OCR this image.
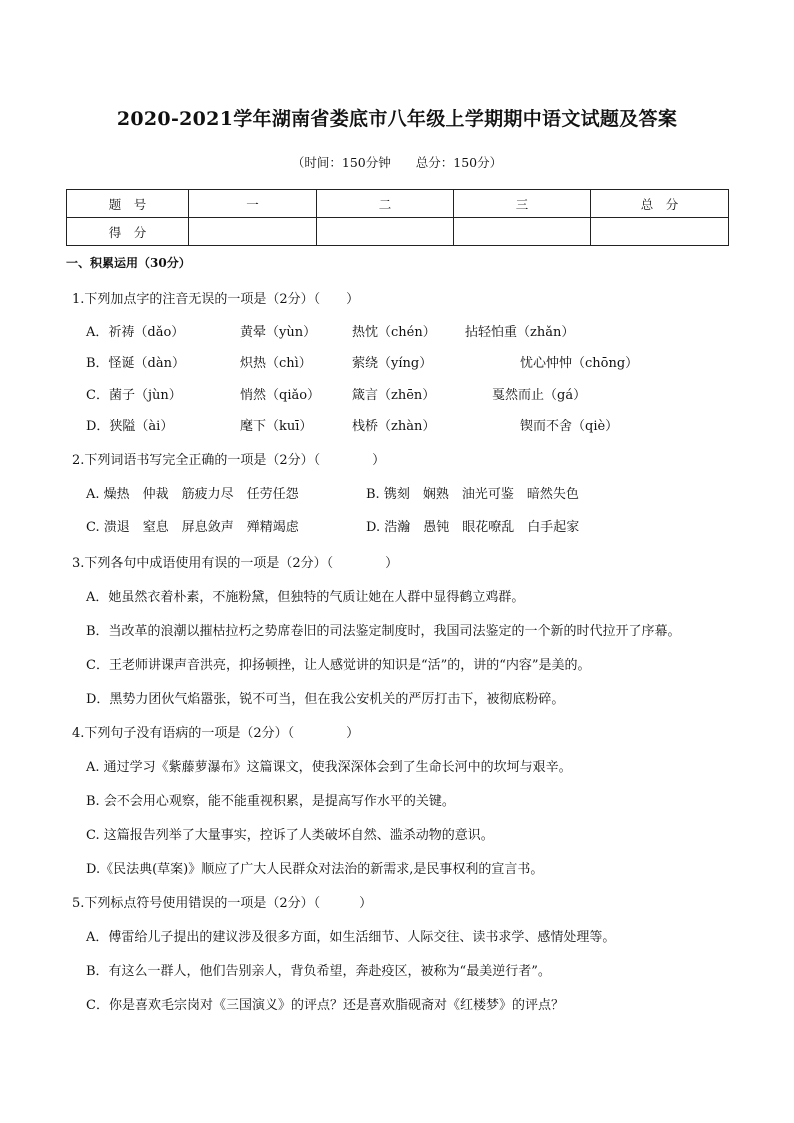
2020-2021学年湖南省娄底市八年级上学期期中语文试题及答案
（时间：150分钟　　总分：150分）
题　号	一	二	三	总　分
得　分				
一、积累运用（30分）
1.下列加点字的注音无误的一项是（2分）（　　）
A．祈祷（dǎo）	黄晕（yùn）	热忱（chén） 拈轻怕重（zhǎn）
B．怪诞（dàn）	炽热（chì）	萦绕（yíng）	忧心忡忡（chōng）
C．菌子（jùn）	悄然（qiǎo） 箴言（zhēn）	戛然而止（gá）
D．狭隘（ài）	麾下（kuī）	栈桥（zhàn）	锲而不舍（qiè）
2.下列词语书写完全正确的一项是（2分）（　　　　）
A. 燥热　仲裁　筋疲力尽　任劳任怨	B. 镌刻　娴熟　油光可鉴　暗然失色
C. 溃退　窒息　屏息敛声　殚精竭虑	D. 浩瀚　愚钝　眼花嘹乱　白手起家
3.下列各句中成语使用有误的一项是（2分）（　　　　）
A．她虽然衣着朴素，不施粉黛，但独特的气质让她在人群中显得鹤立鸡群。
B．当改革的浪潮以摧枯拉朽之势席卷旧的司法鉴定制度时，我国司法鉴定的一个新的时代拉开了序幕。
C．王老师讲课声音洪亮，抑扬顿挫，让人感觉讲的知识是“活”的，讲的“内容”是美的。
D．黑势力团伙气焰嚣张，锐不可当，但在我公安机关的严厉打击下，被彻底粉碎。
4.下列句子没有语病的一项是（2分）（　　　　）
A. 通过学习《紫藤萝瀑布》这篇课文，使我深深体会到了生命长河中的坎坷与艰辛。
B. 会不会用心观察，能不能重视积累，是提高写作水平的关键。
C. 这篇报告列举了大量事实，控诉了人类破坏自然、滥杀动物的意识。
D.《民法典(草案)》顺应了广大人民群众对法治的新需求,是民事权利的宣言书。
5.下列标点符号使用错误的一项是（2分）（　　　）
A．傅雷给儿子提出的建议涉及很多方面，如生活细节、人际交往、读书求学、感情处理等。
B．有这么一群人，他们告别亲人，背负希望，奔赴疫区，被称为“最美逆行者”。
C．你是喜欢毛宗岗对《三国演义》的评点？还是喜欢脂砚斋对《红楼梦》的评点？
